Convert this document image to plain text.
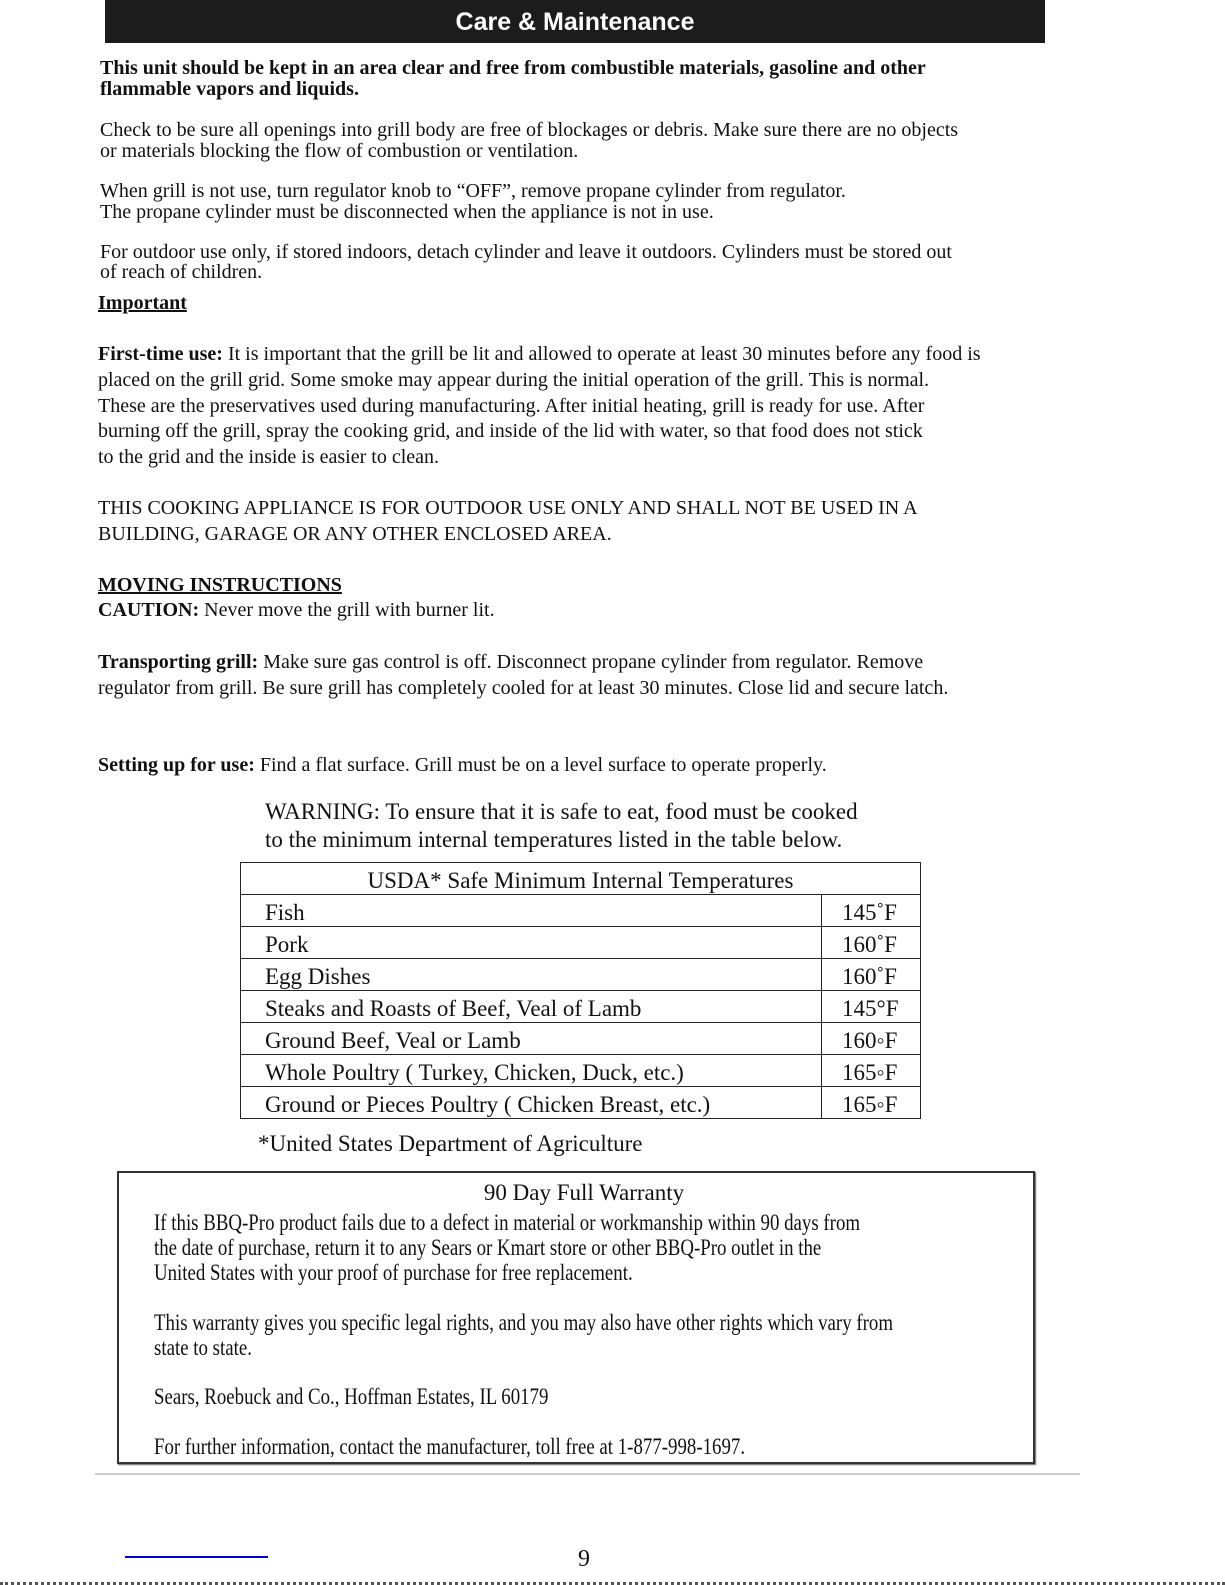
Care & Maintenance
This unit should be kept in an area clear and free from combustible materials, gasoline and other
flammable vapors and liquids.
Check to be sure all openings into grill body are free of blockages or debris. Make sure there are no objects
or materials blocking the flow of combustion or ventilation.
When grill is not use, turn regulator knob to “OFF”, remove propane cylinder from regulator.
The propane cylinder must be disconnected when the appliance is not in use.
For outdoor use only, if stored indoors, detach cylinder and leave it outdoors. Cylinders must be stored out
of reach of children.
Important
First-time use: It is important that the grill be lit and allowed to operate at least 30 minutes before any food is
placed on the grill grid. Some smoke may appear during the initial operation of the grill. This is normal.
These are the preservatives used during manufacturing. After initial heating, grill is ready for use. After
burning off the grill, spray the cooking grid, and inside of the lid with water, so that food does not stick
to the grid and the inside is easier to clean.
THIS COOKING APPLIANCE IS FOR OUTDOOR USE ONLY AND SHALL NOT BE USED IN A
BUILDING, GARAGE OR ANY OTHER ENCLOSED AREA.
MOVING INSTRUCTIONS
CAUTION: Never move the grill with burner lit.
Transporting grill: Make sure gas control is off. Disconnect propane cylinder from regulator. Remove
regulator from grill. Be sure grill has completely cooled for at least 30 minutes. Close lid and secure latch.
Setting up for use: Find a flat surface. Grill must be on a level surface to operate properly.
WARNING: To ensure that it is safe to eat, food must be cooked
to the minimum internal temperatures listed in the table below.
USDA* Safe Minimum Internal Temperatures	
Fish	145˚F
Pork	160˚F
Egg Dishes	160˚F
Steaks and Roasts of Beef, Veal of Lamb	145°F
Ground Beef, Veal or Lamb	160◦F
Whole Poultry ( Turkey, Chicken, Duck, etc.)	165◦F
Ground or Pieces Poultry ( Chicken Breast, etc.)	165◦F
*United States Department of Agriculture
90 Day Full Warranty
If this BBQ-Pro product fails due to a defect in material or workmanship within 90 days from
the date of purchase, return it to any Sears or Kmart store or other BBQ-Pro outlet in the
United States with your proof of purchase for free replacement.
This warranty gives you specific legal rights, and you may also have other rights which vary from
state to state.
Sears, Roebuck and Co., Hoffman Estates, IL 60179
For further information, contact the manufacturer, toll free at 1-877-998-1697.
9
